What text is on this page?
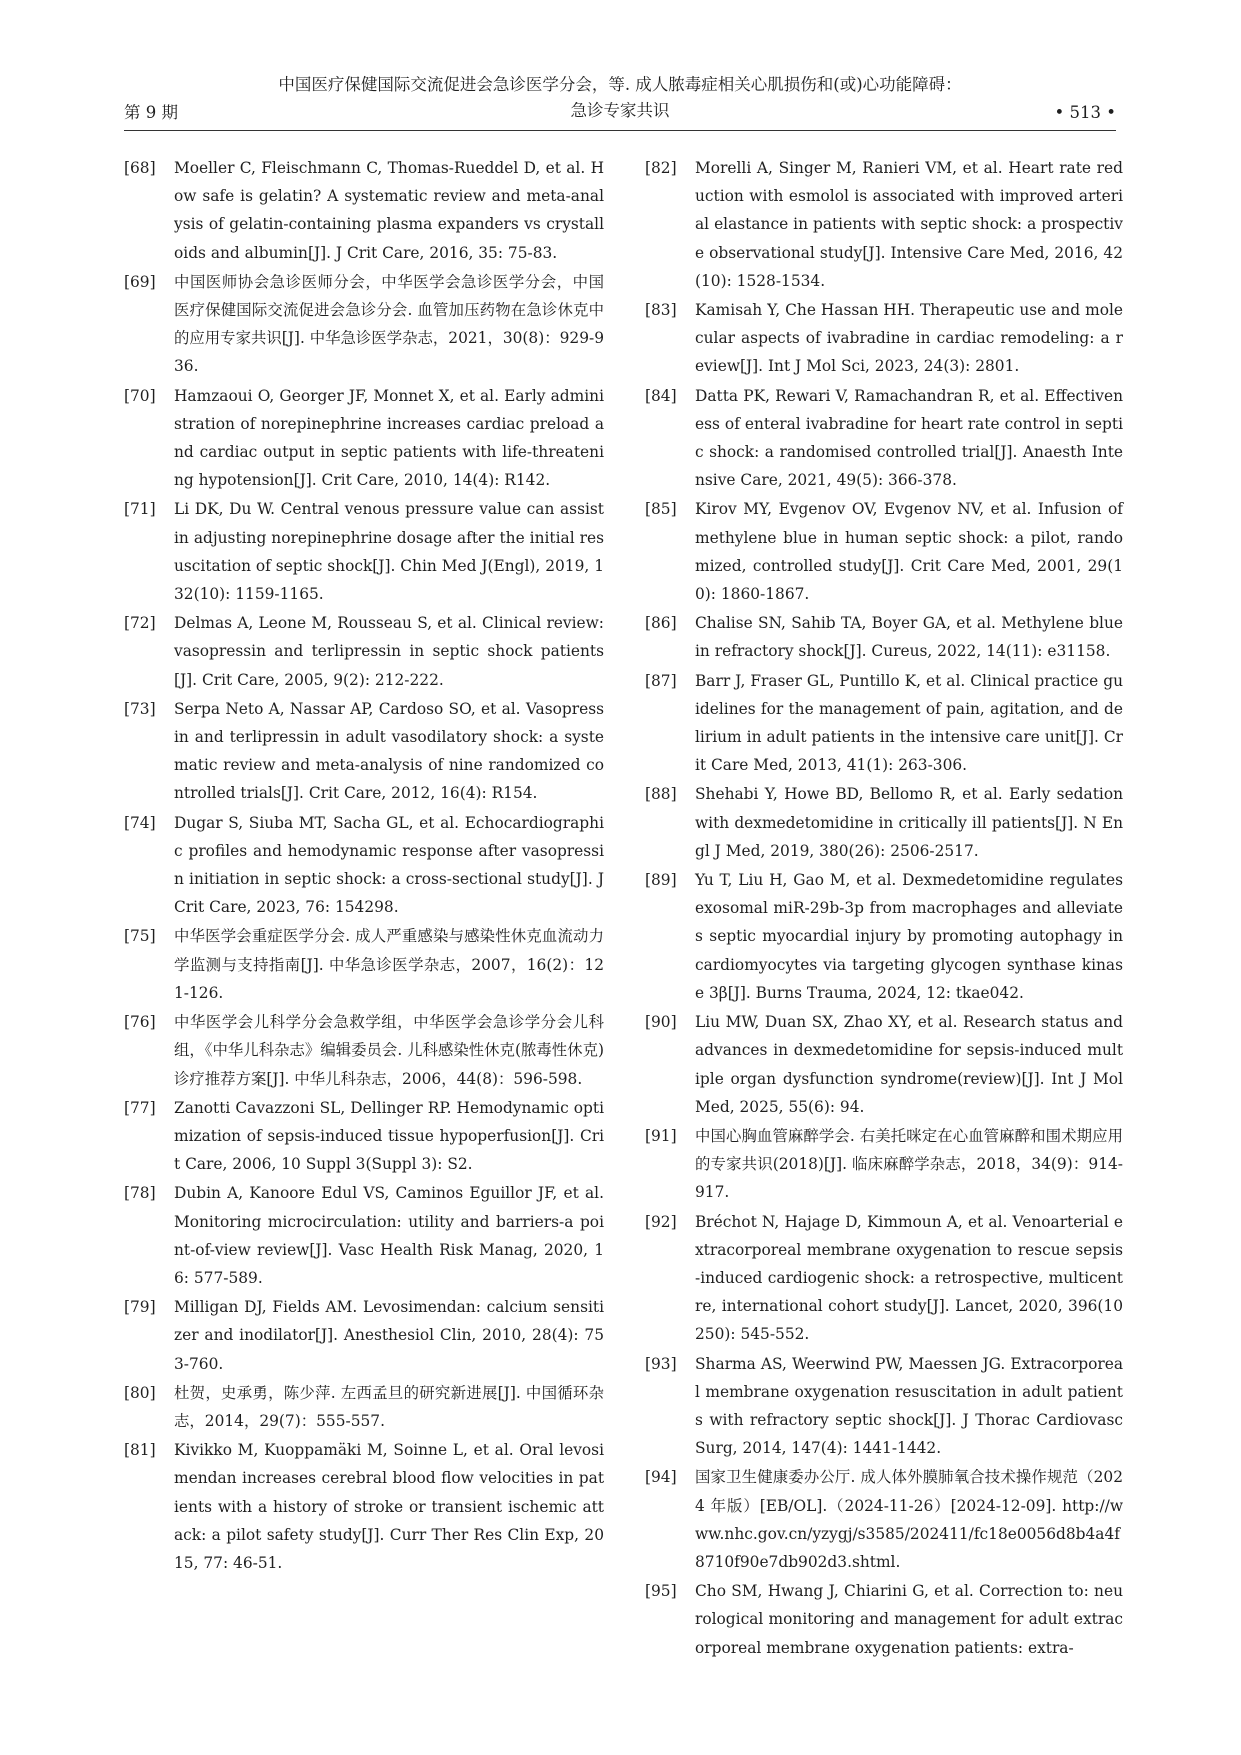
中国医疗保健国际交流促进会急诊医学分会，等. 成人脓毒症相关心肌损伤和(或)心功能障碍：
急诊专家共识
第 9 期	• 513 •
[68]	Moeller C, Fleischmann C, Thomas-Rueddel D, et al. How safe is gelatin? A systematic review and meta-analysis of gelatin-containing plasma expanders vs crystalloids and albumin[J]. J Crit Care, 2016, 35: 75-83.
[69]	中国医师协会急诊医师分会，中华医学会急诊医学分会，中国医疗保健国际交流促进会急诊分会. 血管加压药物在急诊休克中的应用专家共识[J]. 中华急诊医学杂志，2021，30(8)：929-936.
[70]	Hamzaoui O, Georger JF, Monnet X, et al. Early administration of norepinephrine increases cardiac preload and cardiac output in septic patients with life-threatening hypotension[J]. Crit Care, 2010, 14(4): R142.
[71]	Li DK, Du W. Central venous pressure value can assist in adjusting norepinephrine dosage after the initial resuscitation of septic shock[J]. Chin Med J(Engl), 2019, 132(10): 1159-1165.
[72]	Delmas A, Leone M, Rousseau S, et al. Clinical review: vasopressin and terlipressin in septic shock patients[J]. Crit Care, 2005, 9(2): 212-222.
[73]	Serpa Neto A, Nassar AP, Cardoso SO, et al. Vasopressin and terlipressin in adult vasodilatory shock: a systematic review and meta-analysis of nine randomized controlled trials[J]. Crit Care, 2012, 16(4): R154.
[74]	Dugar S, Siuba MT, Sacha GL, et al. Echocardiographic profiles and hemodynamic response after vasopressin initiation in septic shock: a cross-sectional study[J]. J Crit Care, 2023, 76: 154298.
[75]	中华医学会重症医学分会. 成人严重感染与感染性休克血流动力学监测与支持指南[J]. 中华急诊医学杂志，2007，16(2)：121-126.
[76]	中华医学会儿科学分会急救学组，中华医学会急诊学分会儿科组，《中华儿科杂志》编辑委员会. 儿科感染性休克(脓毒性休克)诊疗推荐方案[J]. 中华儿科杂志，2006，44(8)：596-598.
[77]	Zanotti Cavazzoni SL, Dellinger RP. Hemodynamic optimization of sepsis-induced tissue hypoperfusion[J]. Crit Care, 2006, 10 Suppl 3(Suppl 3): S2.
[78]	Dubin A, Kanoore Edul VS, Caminos Eguillor JF, et al. Monitoring microcirculation: utility and barriers-a point-of-view review[J]. Vasc Health Risk Manag, 2020, 16: 577-589.
[79]	Milligan DJ, Fields AM. Levosimendan: calcium sensitizer and inodilator[J]. Anesthesiol Clin, 2010, 28(4): 753-760.
[80]	杜贺，史承勇，陈少萍. 左西孟旦的研究新进展[J]. 中国循环杂志，2014，29(7)：555-557.
[81]	Kivikko M, Kuoppamäki M, Soinne L, et al. Oral levosimendan increases cerebral blood flow velocities in patients with a history of stroke or transient ischemic attack: a pilot safety study[J]. Curr Ther Res Clin Exp, 2015, 77: 46-51.
[82]	Morelli A, Singer M, Ranieri VM, et al. Heart rate reduction with esmolol is associated with improved arterial elastance in patients with septic shock: a prospective observational study[J]. Intensive Care Med, 2016, 42(10): 1528-1534.
[83]	Kamisah Y, Che Hassan HH. Therapeutic use and molecular aspects of ivabradine in cardiac remodeling: a review[J]. Int J Mol Sci, 2023, 24(3): 2801.
[84]	Datta PK, Rewari V, Ramachandran R, et al. Effectiveness of enteral ivabradine for heart rate control in septic shock: a randomised controlled trial[J]. Anaesth Intensive Care, 2021, 49(5): 366-378.
[85]	Kirov MY, Evgenov OV, Evgenov NV, et al. Infusion of methylene blue in human septic shock: a pilot, randomized, controlled study[J]. Crit Care Med, 2001, 29(10): 1860-1867.
[86]	Chalise SN, Sahib TA, Boyer GA, et al. Methylene blue in refractory shock[J]. Cureus, 2022, 14(11): e31158.
[87]	Barr J, Fraser GL, Puntillo K, et al. Clinical practice guidelines for the management of pain, agitation, and delirium in adult patients in the intensive care unit[J]. Crit Care Med, 2013, 41(1): 263-306.
[88]	Shehabi Y, Howe BD, Bellomo R, et al. Early sedation with dexmedetomidine in critically ill patients[J]. N Engl J Med, 2019, 380(26): 2506-2517.
[89]	Yu T, Liu H, Gao M, et al. Dexmedetomidine regulates exosomal miR-29b-3p from macrophages and alleviates septic myocardial injury by promoting autophagy in cardiomyocytes via targeting glycogen synthase kinase 3β[J]. Burns Trauma, 2024, 12: tkae042.
[90]	Liu MW, Duan SX, Zhao XY, et al. Research status and advances in dexmedetomidine for sepsis-induced multiple organ dysfunction syndrome(review)[J]. Int J Mol Med, 2025, 55(6): 94.
[91]	中国心胸血管麻醉学会. 右美托咪定在心血管麻醉和围术期应用的专家共识(2018)[J]. 临床麻醉学杂志，2018，34(9)：914-917.
[92]	Bréchot N, Hajage D, Kimmoun A, et al. Venoarterial extracorporeal membrane oxygenation to rescue sepsis-induced cardiogenic shock: a retrospective, multicentre, international cohort study[J]. Lancet, 2020, 396(10250): 545-552.
[93]	Sharma AS, Weerwind PW, Maessen JG. Extracorporeal membrane oxygenation resuscitation in adult patients with refractory septic shock[J]. J Thorac Cardiovasc Surg, 2014, 147(4): 1441-1442.
[94]	国家卫生健康委办公厅. 成人体外膜肺氧合技术操作规范（2024 年版）[EB/OL].（2024-11-26）[2024-12-09]. http://www.nhc.gov.cn/yzygj/s3585/202411/fc18e0056d8b4a4f8710f90e7db902d3.shtml.
[95]	Cho SM, Hwang J, Chiarini G, et al. Correction to: neurological monitoring and management for adult extracorporeal membrane oxygenation patients: extra-
